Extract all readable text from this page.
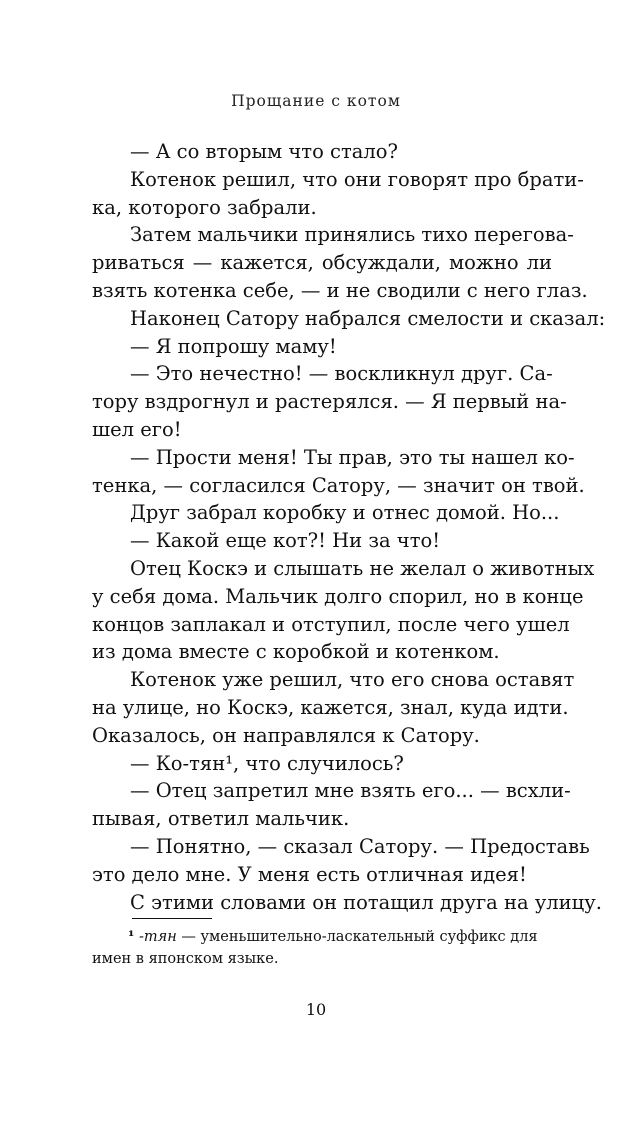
Прощание с котом
— А со вторым что стало?
Котенок решил, что они говорят про брати-
ка, которого забрали.
Затем мальчики принялись тихо перегова-
риваться — кажется, обсуждали, можно ли
взять котенка себе, — и не сводили с него глаз.
Наконец Сатору набрался смелости и сказал:
— Я попрошу маму!
— Это нечестно! — воскликнул друг. Са-
тору вздрогнул и растерялся. — Я первый на-
шел его!
— Прости меня! Ты прав, это ты нашел ко-
тенка, — согласился Сатору, — значит он твой.
Друг забрал коробку и отнес домой. Но...
— Какой еще кот?! Ни за что!
Отец Коскэ и слышать не желал о животных
у себя дома. Мальчик долго спорил, но в конце
концов заплакал и отступил, после чего ушел
из дома вместе с коробкой и котенком.
Котенок уже решил, что его снова оставят
на улице, но Коскэ, кажется, знал, куда идти.
Оказалось, он направлялся к Сатору.
— Ко-тян¹, что случилось?
— Отец запретил мне взять его... — всхли-
пывая, ответил мальчик.
— Понятно, — сказал Сатору. — Предоставь
это дело мне. У меня есть отличная идея!
С этими словами он потащил друга на улицу.
¹ -тян — уменьшительно-ласкательный суффикс для
имен в японском языке.
10
